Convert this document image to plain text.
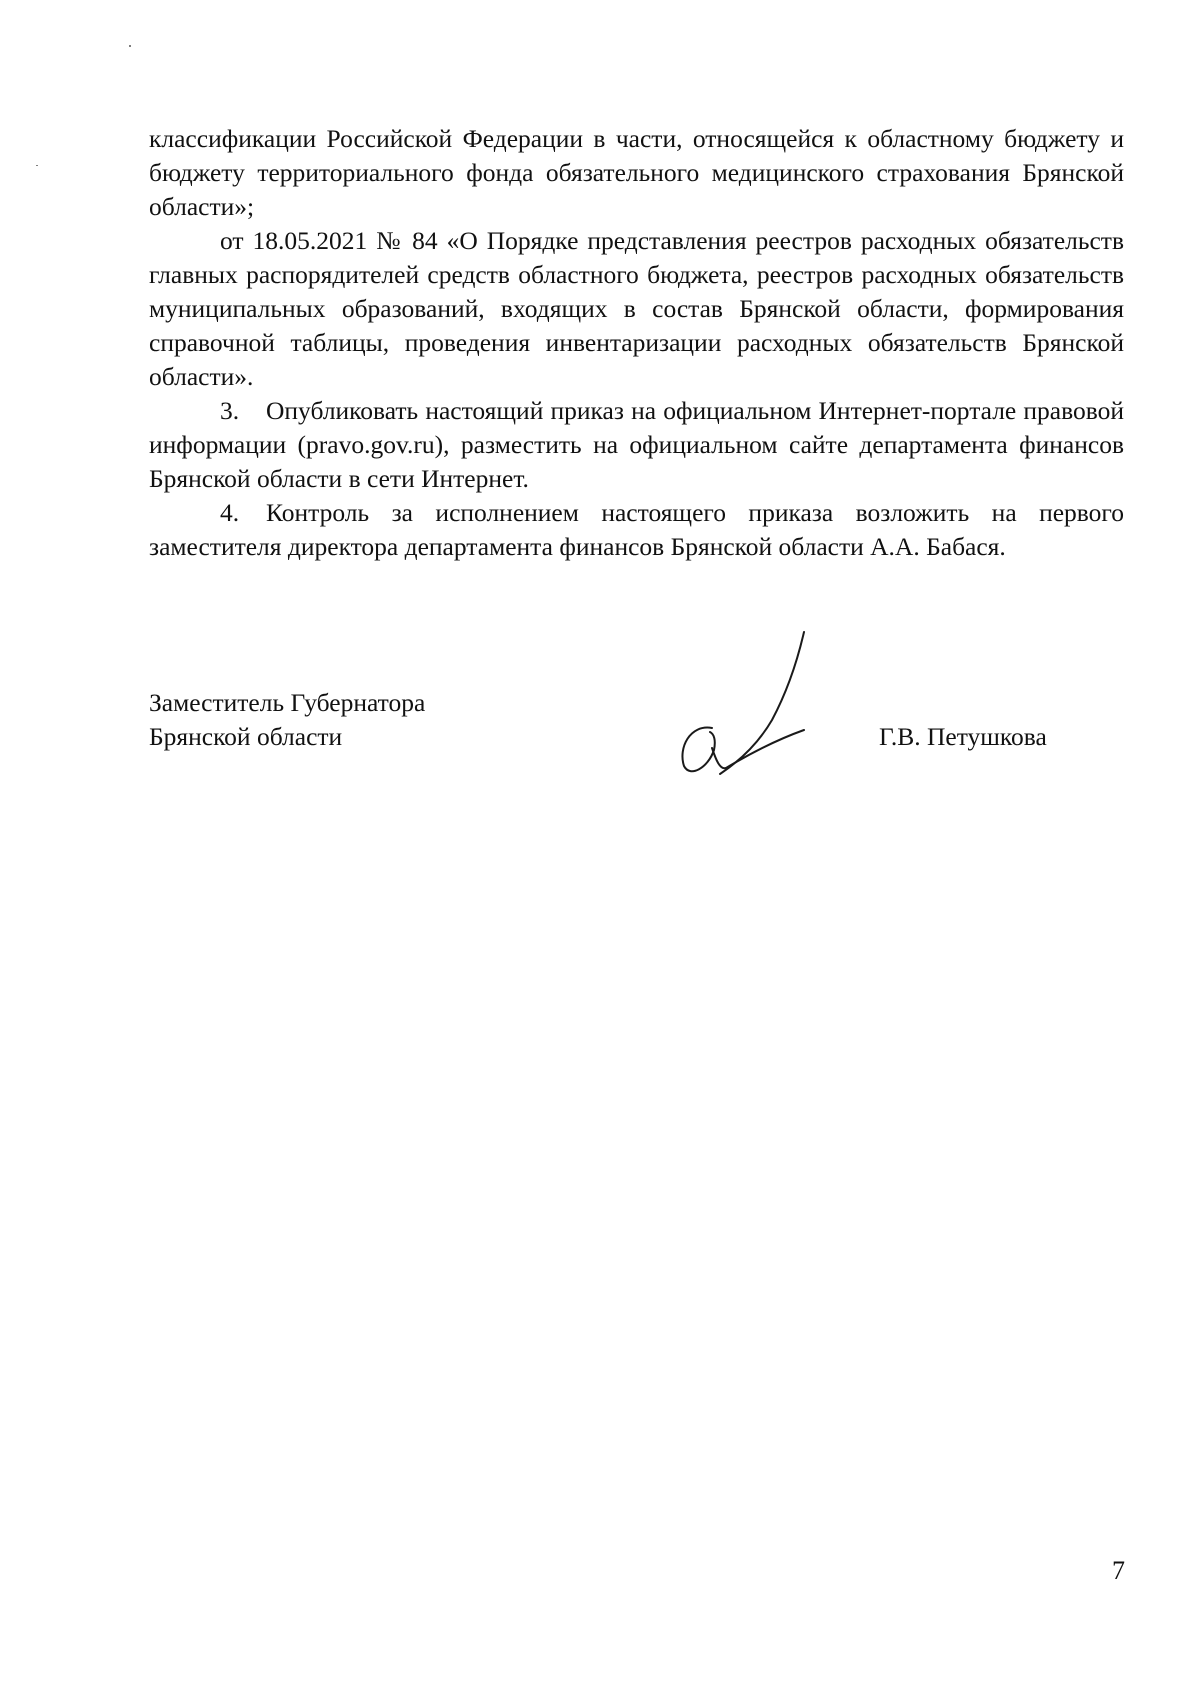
классификации Российской Федерации в части, относящейся к областному бюджету и бюджету территориального фонда обязательного медицинского страхования Брянской области»;

от 18.05.2021 № 84 «О Порядке представления реестров расходных обязательств главных распорядителей средств областного бюджета, реестров расходных обязательств муниципальных образований, входящих в состав Брянской области, формирования справочной таблицы, проведения инвентаризации расходных обязательств Брянской области».

3. Опубликовать настоящий приказ на официальном Интернет-портале правовой информации (pravo.gov.ru), разместить на официальном сайте департамента финансов Брянской области в сети Интернет.

4. Контроль за исполнением настоящего приказа возложить на первого заместителя директора департамента финансов Брянской области А.А. Бабася.

Заместитель Губернатора
Брянской области	Г.В. Петушкова
7
